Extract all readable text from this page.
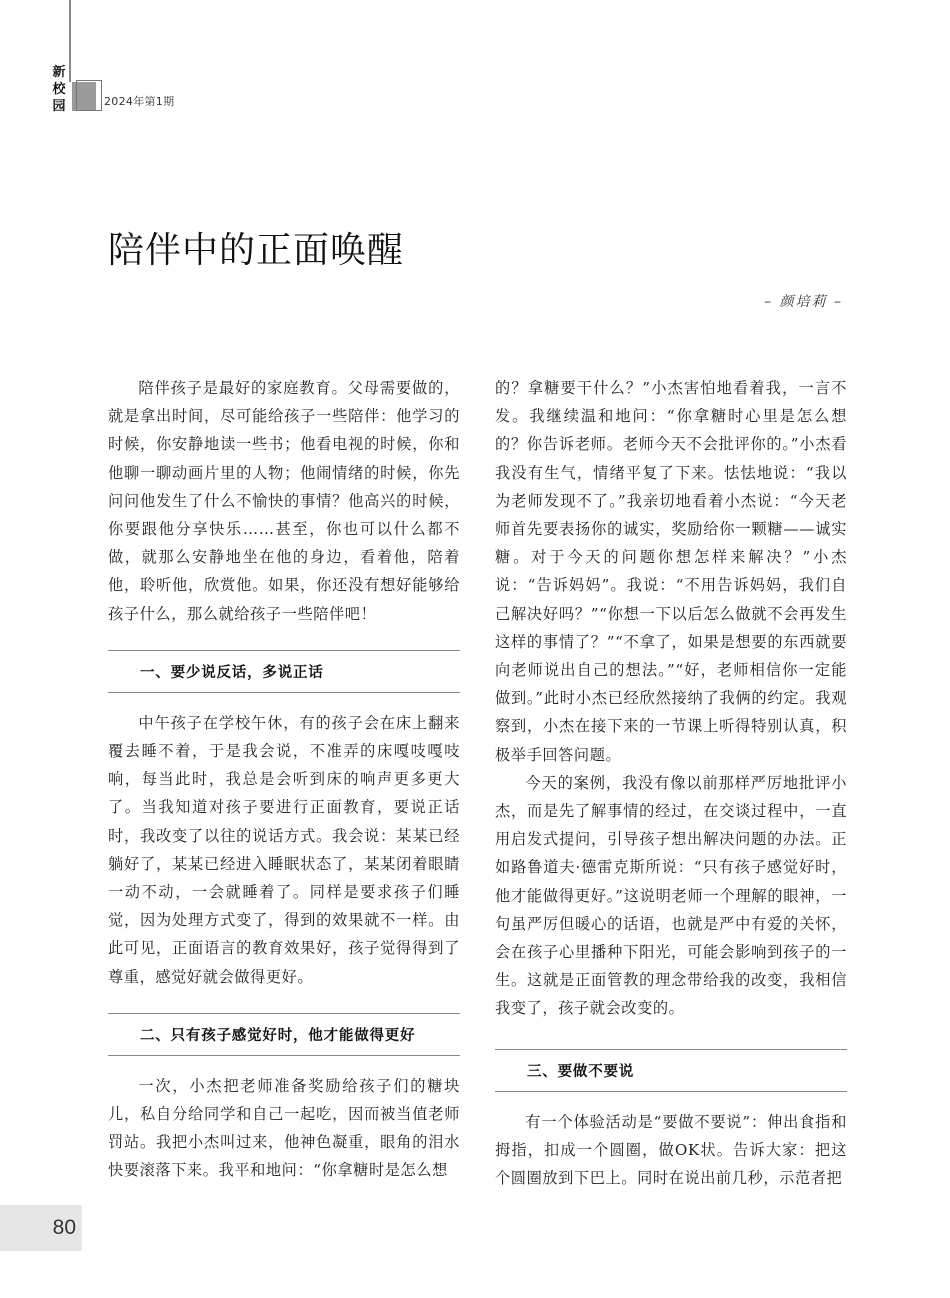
新校园	2024年第1期
陪伴中的正面唤醒
– 颜培莉 –

陪伴孩子是最好的家庭教育。父母需要做的，就是拿出时间，尽可能给孩子一些陪伴：他学习的时候，你安静地读一些书；他看电视的时候，你和他聊一聊动画片里的人物；他闹情绪的时候，你先问问他发生了什么不愉快的事情？他高兴的时候，你要跟他分享快乐……甚至，你也可以什么都不做，就那么安静地坐在他的身边，看着他，陪着他，聆听他，欣赏他。如果，你还没有想好能够给孩子什么，那么就给孩子一些陪伴吧！

一、要少说反话，多说正话

中午孩子在学校午休，有的孩子会在床上翻来覆去睡不着，于是我会说，不准弄的床嘎吱嘎吱响，每当此时，我总是会听到床的响声更多更大了。当我知道对孩子要进行正面教育，要说正话时，我改变了以往的说话方式。我会说：某某已经躺好了，某某已经进入睡眠状态了，某某闭着眼睛一动不动，一会就睡着了。同样是要求孩子们睡觉，因为处理方式变了，得到的效果就不一样。由此可见，正面语言的教育效果好，孩子觉得得到了尊重，感觉好就会做得更好。

二、只有孩子感觉好时，他才能做得更好

一次，小杰把老师准备奖励给孩子们的糖块儿，私自分给同学和自己一起吃，因而被当值老师罚站。我把小杰叫过来，他神色凝重，眼角的泪水快要滚落下来。我平和地问：“你拿糖时是怎么想

的？拿糖要干什么？”小杰害怕地看着我，一言不发。我继续温和地问：“你拿糖时心里是怎么想的？你告诉老师。老师今天不会批评你的。”小杰看我没有生气，情绪平复了下来。怯怯地说：“我以为老师发现不了。”我亲切地看着小杰说：“今天老师首先要表扬你的诚实，奖励给你一颗糖——诚实糖。对于今天的问题你想怎样来解决？”小杰说：“告诉妈妈”。我说：“不用告诉妈妈，我们自己解决好吗？”“你想一下以后怎么做就不会再发生这样的事情了？”“不拿了，如果是想要的东西就要向老师说出自己的想法。”“好，老师相信你一定能做到。”此时小杰已经欣然接纳了我俩的约定。我观察到，小杰在接下来的一节课上听得特别认真，积极举手回答问题。

今天的案例，我没有像以前那样严厉地批评小杰，而是先了解事情的经过，在交谈过程中，一直用启发式提问，引导孩子想出解决问题的办法。正如路鲁道夫·德雷克斯所说：“只有孩子感觉好时，他才能做得更好。”这说明老师一个理解的眼神，一句虽严厉但暖心的话语，也就是严中有爱的关怀，会在孩子心里播种下阳光，可能会影响到孩子的一生。这就是正面管教的理念带给我的改变，我相信我变了，孩子就会改变的。

三、要做不要说

有一个体验活动是“要做不要说”：伸出食指和拇指，扣成一个圆圈，做OK状。告诉大家：把这个圆圈放到下巴上。同时在说出前几秒，示范者把

80
